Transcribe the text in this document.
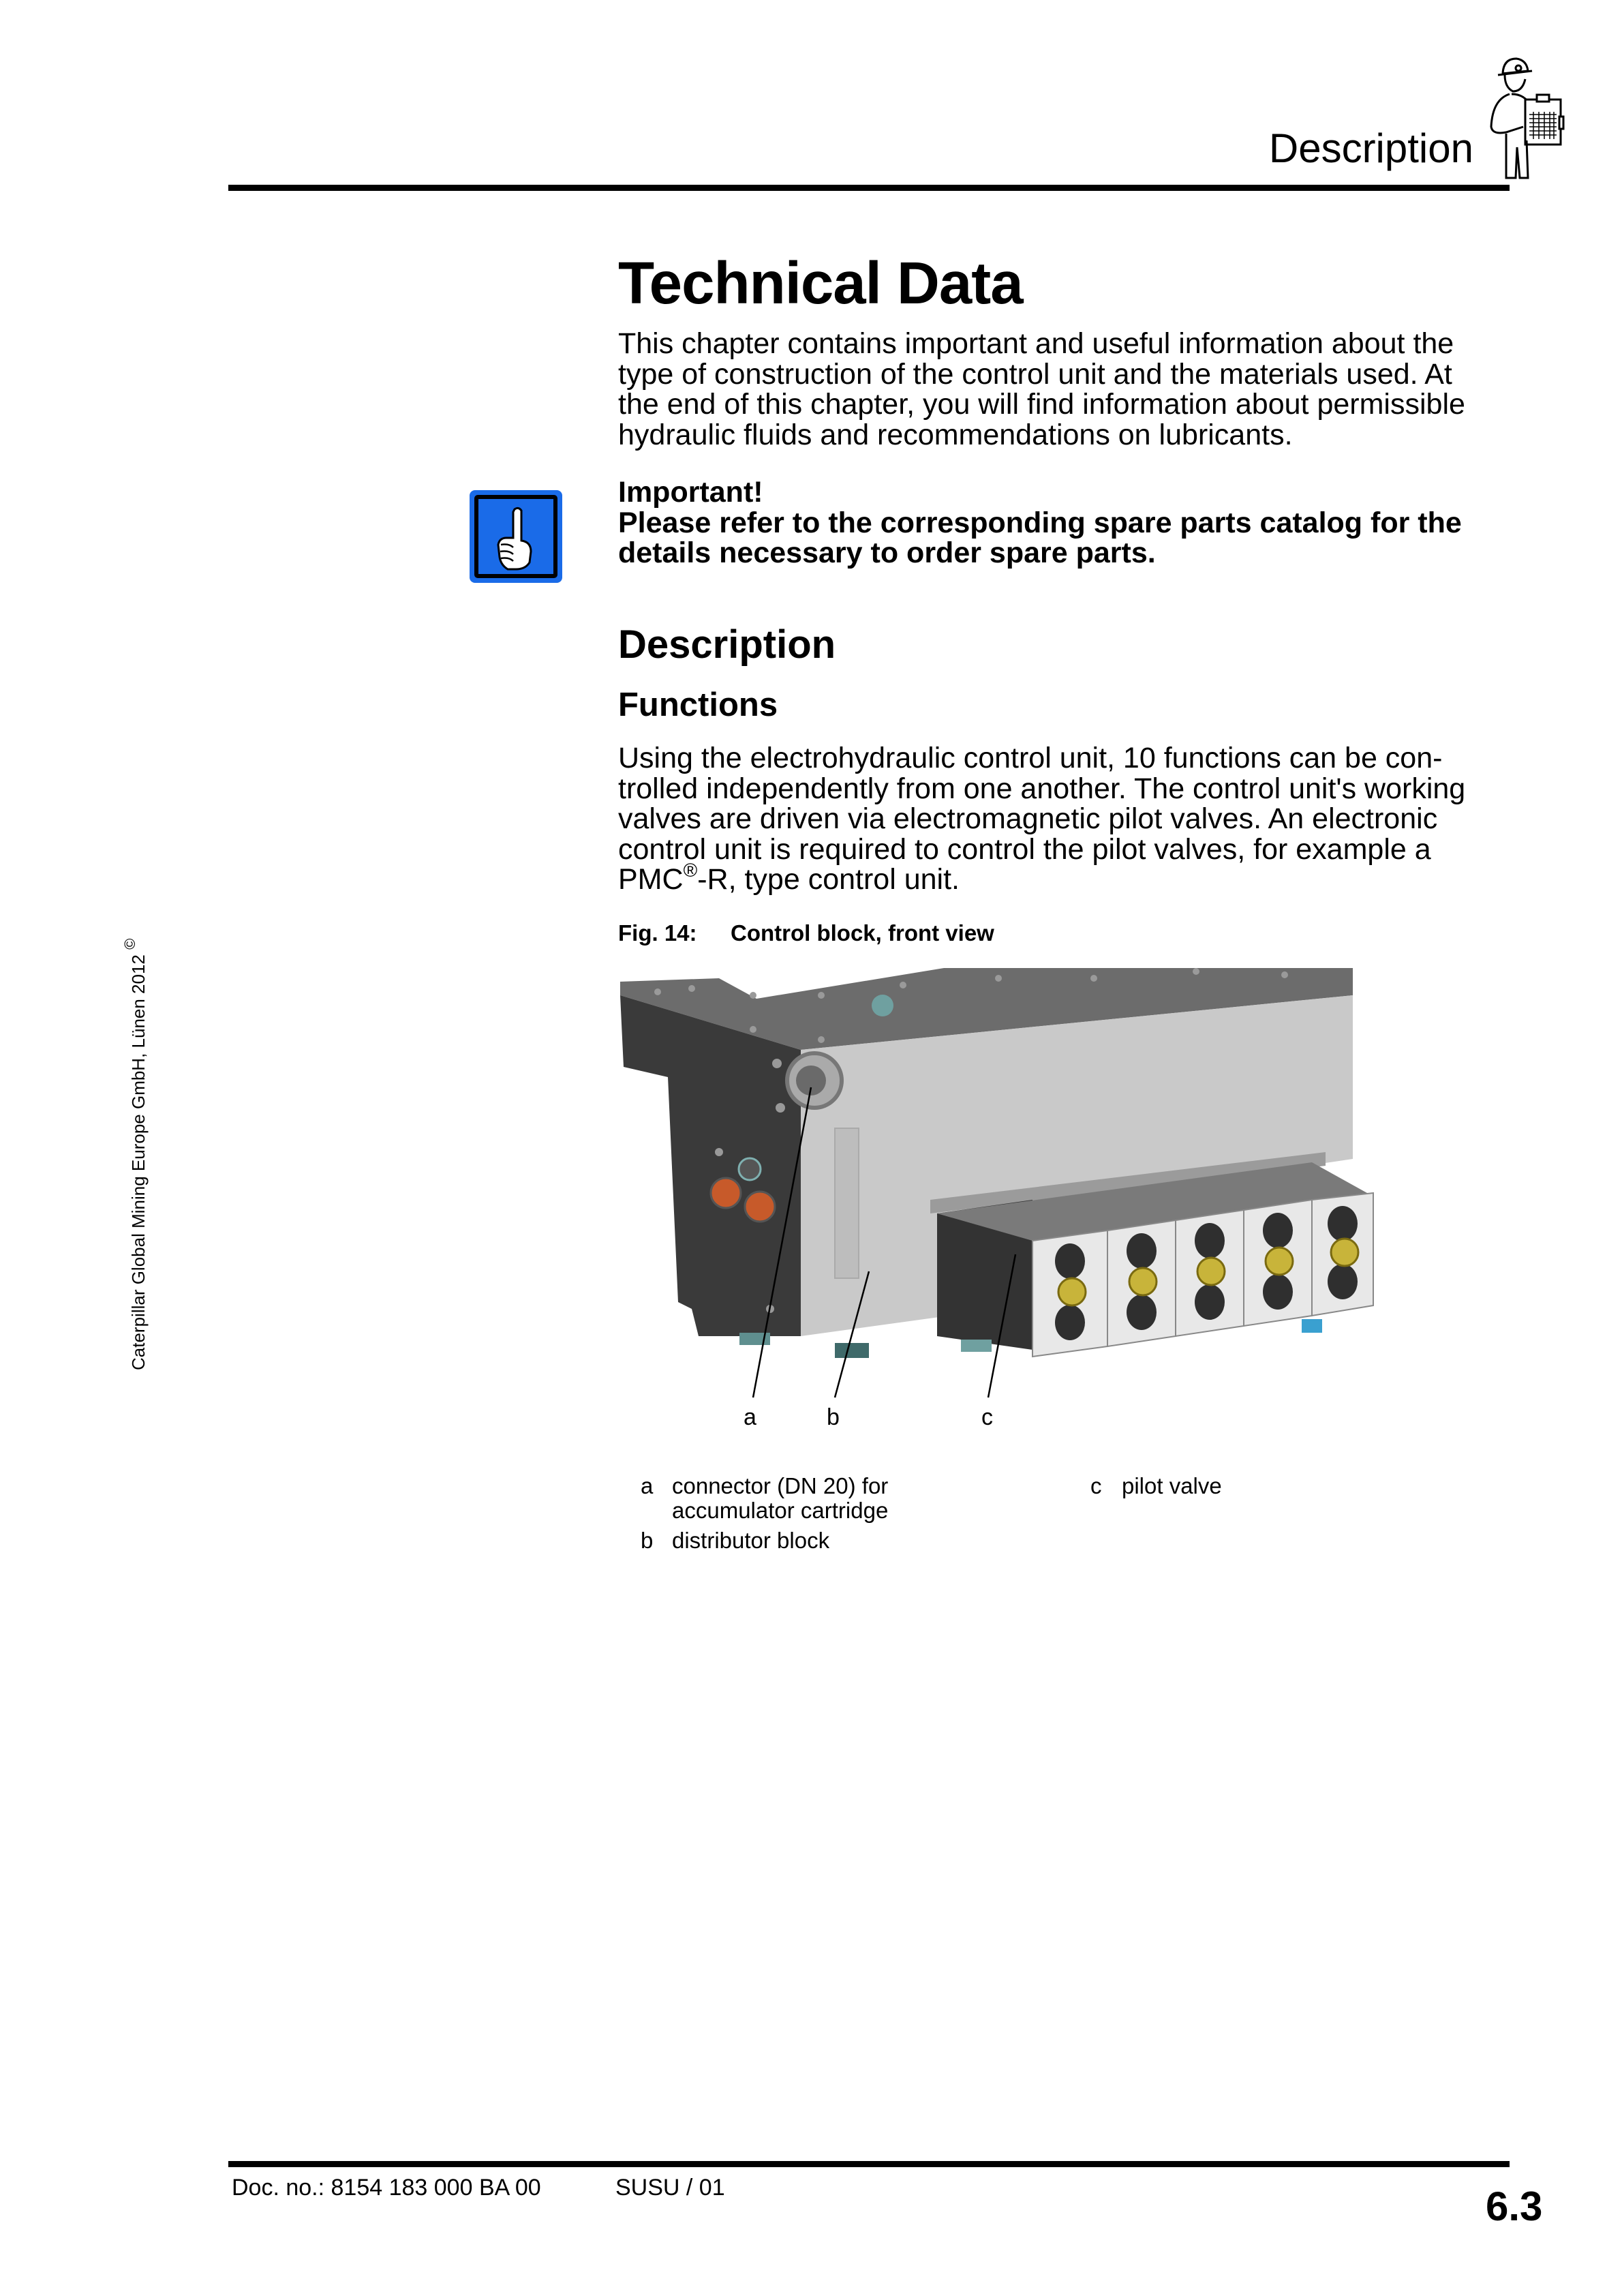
Description
Caterpillar Global Mining Europe GmbH, Lünen 2012 ©
Technical Data
This chapter contains important and useful information about the type of construction of the control unit and the materials used. At the end of this chapter, you will find information about permissible hydraulic fluids and recommendations on lubricants.
Important!
Please refer to the corresponding spare parts catalog for the details necessary to order spare parts.
Description
Functions
Using the electrohydraulic control unit, 10 functions can be controlled independently from one another. The control unit's working valves are driven via electromagnetic pilot valves. An electronic control unit is required to control the pilot valves, for example a PMC®-R, type control unit.
Fig. 14: Control block, front view
a	b	c
a connector (DN 20) for
accumulator cartridge
b distributor block
c pilot valve
Doc. no.: 8154 183 000 BA 00	SUSU / 01	6.3
